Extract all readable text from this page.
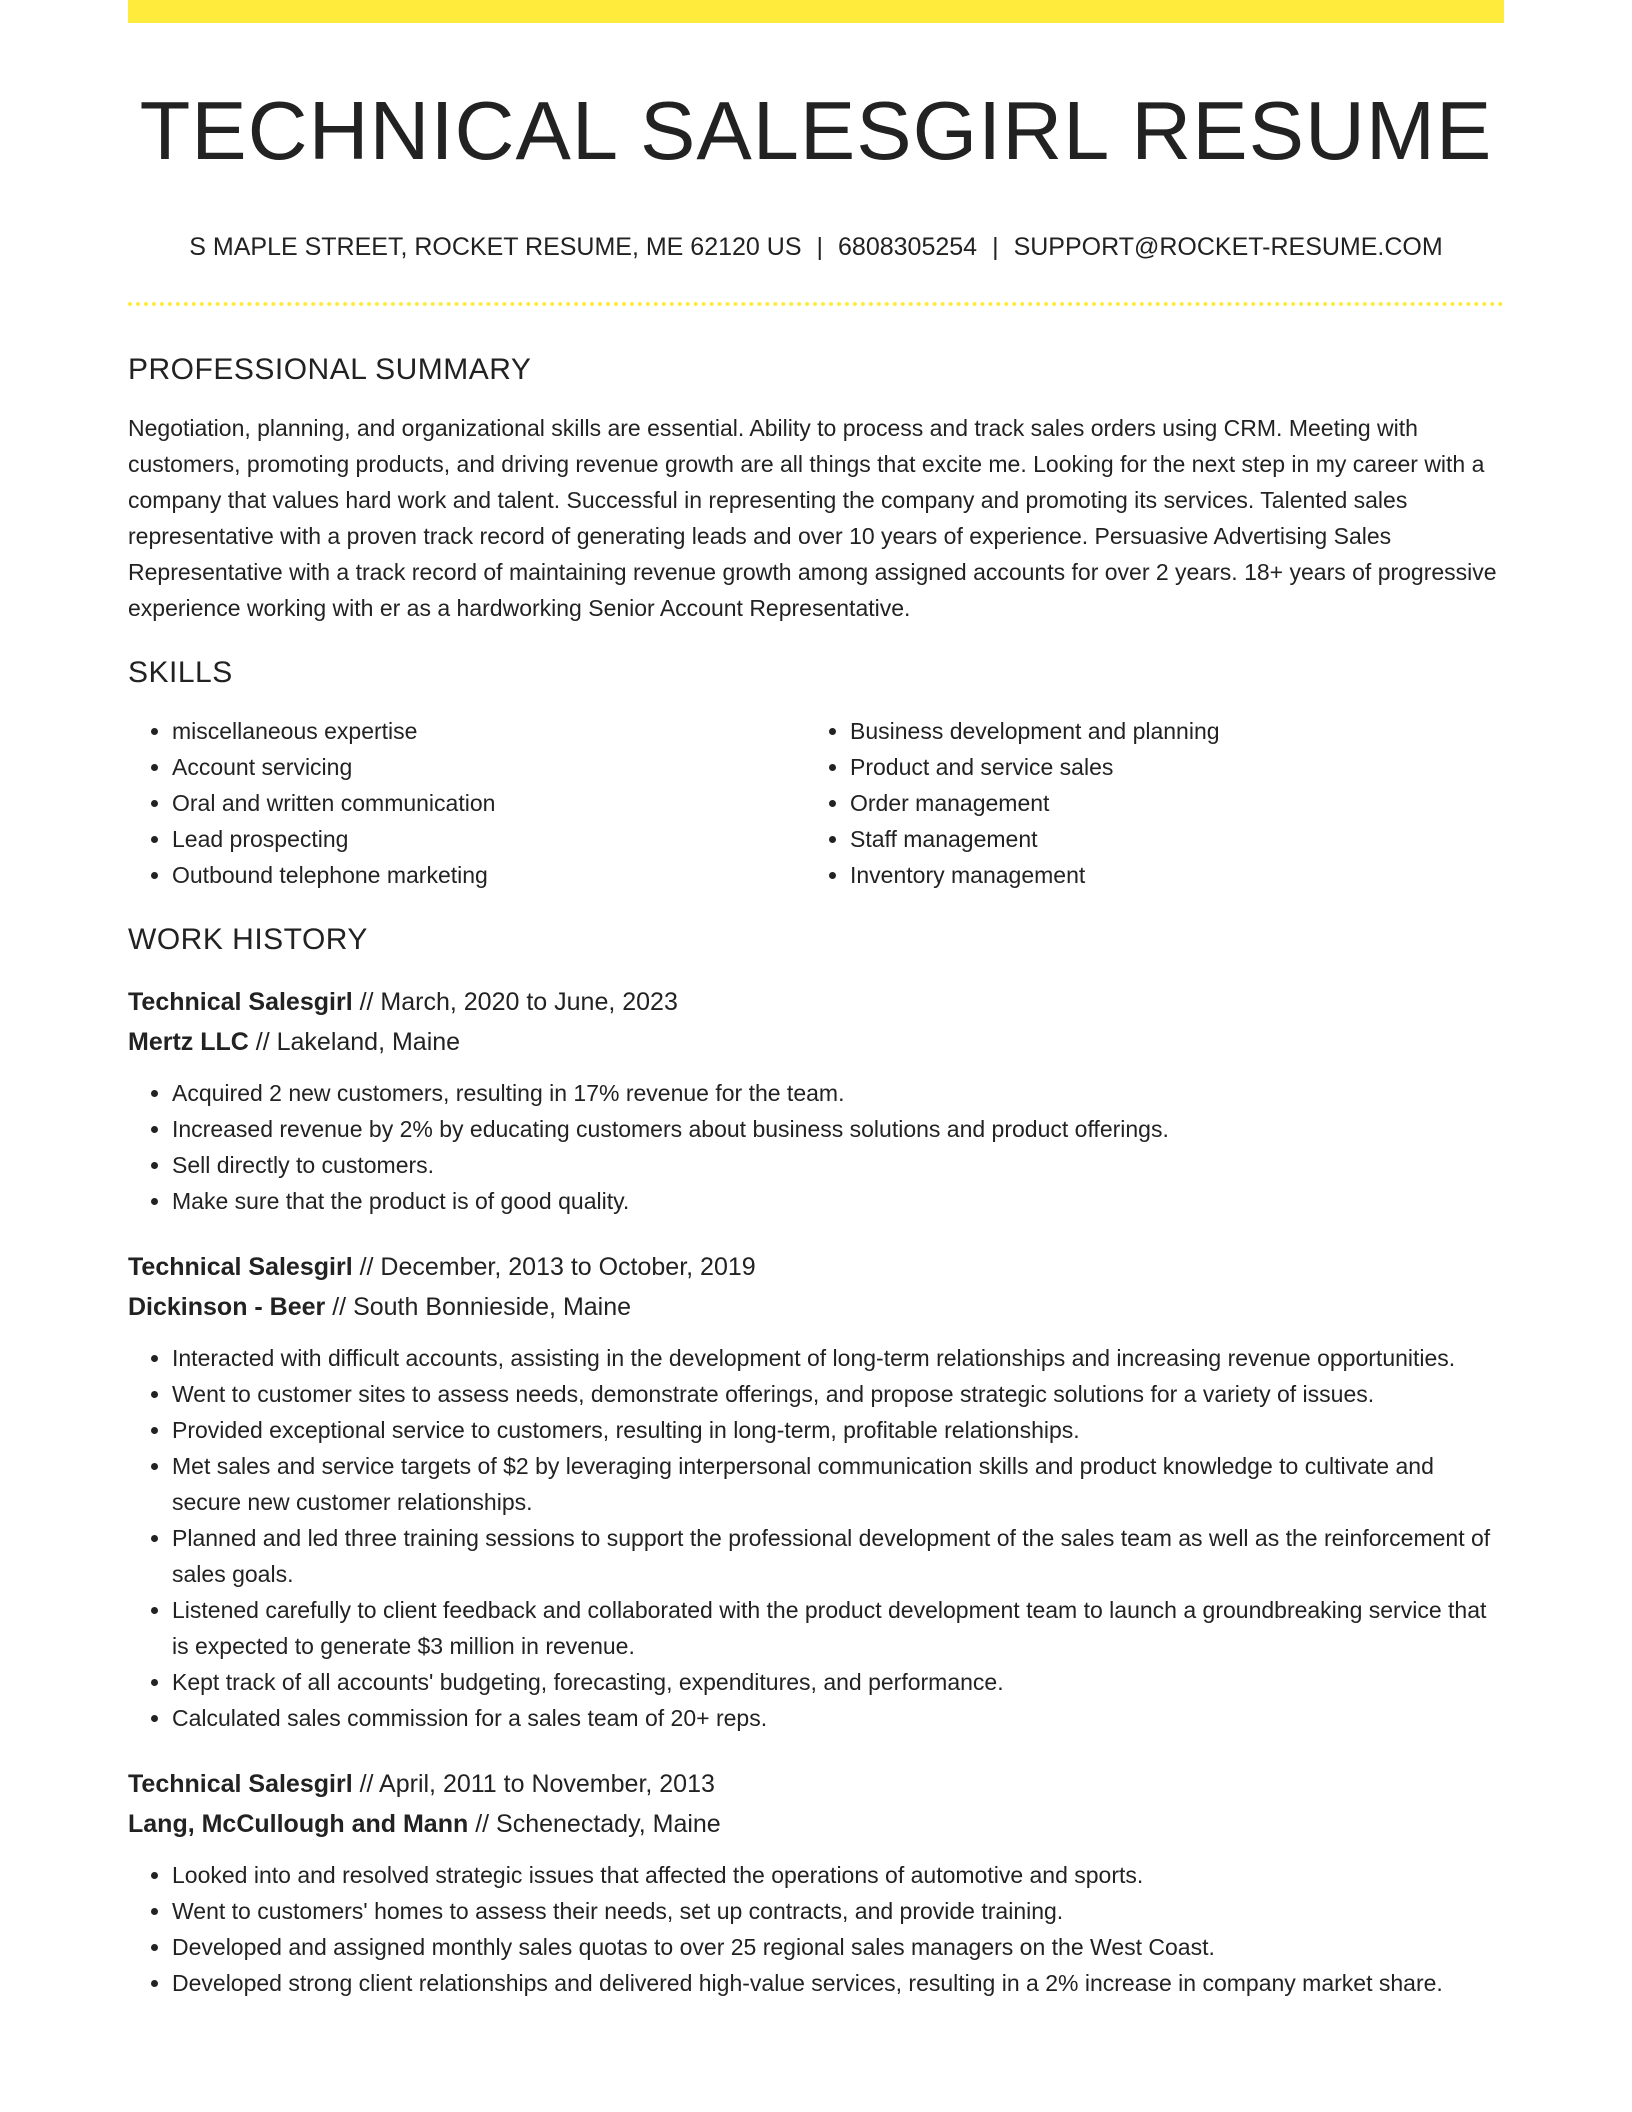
TECHNICAL SALESGIRL RESUME
S MAPLE STREET, ROCKET RESUME, ME 62120 US | 6808305254 | SUPPORT@ROCKET-RESUME.COM
PROFESSIONAL SUMMARY

Negotiation, planning, and organizational skills are essential. Ability to process and track sales orders using CRM. Meeting with customers, promoting products, and driving revenue growth are all things that excite me. Looking for the next step in my career with a company that values hard work and talent. Successful in representing the company and promoting its services. Talented sales representative with a proven track record of generating leads and over 10 years of experience. Persuasive Advertising Sales Representative with a track record of maintaining revenue growth among assigned accounts for over 2 years. 18+ years of progressive experience working with er as a hardworking Senior Account Representative.

SKILLS
• miscellaneous expertise
• Account servicing
• Oral and written communication
• Lead prospecting
• Outbound telephone marketing
• Business development and planning
• Product and service sales
• Order management
• Staff management
• Inventory management
WORK HISTORY
Technical Salesgirl // March, 2020 to June, 2023
Mertz LLC // Lakeland, Maine
• Acquired 2 new customers, resulting in 17% revenue for the team.
• Increased revenue by 2% by educating customers about business solutions and product offerings.
• Sell directly to customers.
• Make sure that the product is of good quality.
Technical Salesgirl // December, 2013 to October, 2019
Dickinson - Beer // South Bonnieside, Maine
• Interacted with difficult accounts, assisting in the development of long-term relationships and increasing revenue opportunities.
• Went to customer sites to assess needs, demonstrate offerings, and propose strategic solutions for a variety of issues.
• Provided exceptional service to customers, resulting in long-term, profitable relationships.
• Met sales and service targets of $2 by leveraging interpersonal communication skills and product knowledge to cultivate and secure new customer relationships.
• Planned and led three training sessions to support the professional development of the sales team as well as the reinforcement of sales goals.
• Listened carefully to client feedback and collaborated with the product development team to launch a groundbreaking service that is expected to generate $3 million in revenue.
• Kept track of all accounts' budgeting, forecasting, expenditures, and performance.
• Calculated sales commission for a sales team of 20+ reps.
Technical Salesgirl // April, 2011 to November, 2013
Lang, McCullough and Mann // Schenectady, Maine
• Looked into and resolved strategic issues that affected the operations of automotive and sports.
• Went to customers' homes to assess their needs, set up contracts, and provide training.
• Developed and assigned monthly sales quotas to over 25 regional sales managers on the West Coast.
• Developed strong client relationships and delivered high-value services, resulting in a 2% increase in company market share.
